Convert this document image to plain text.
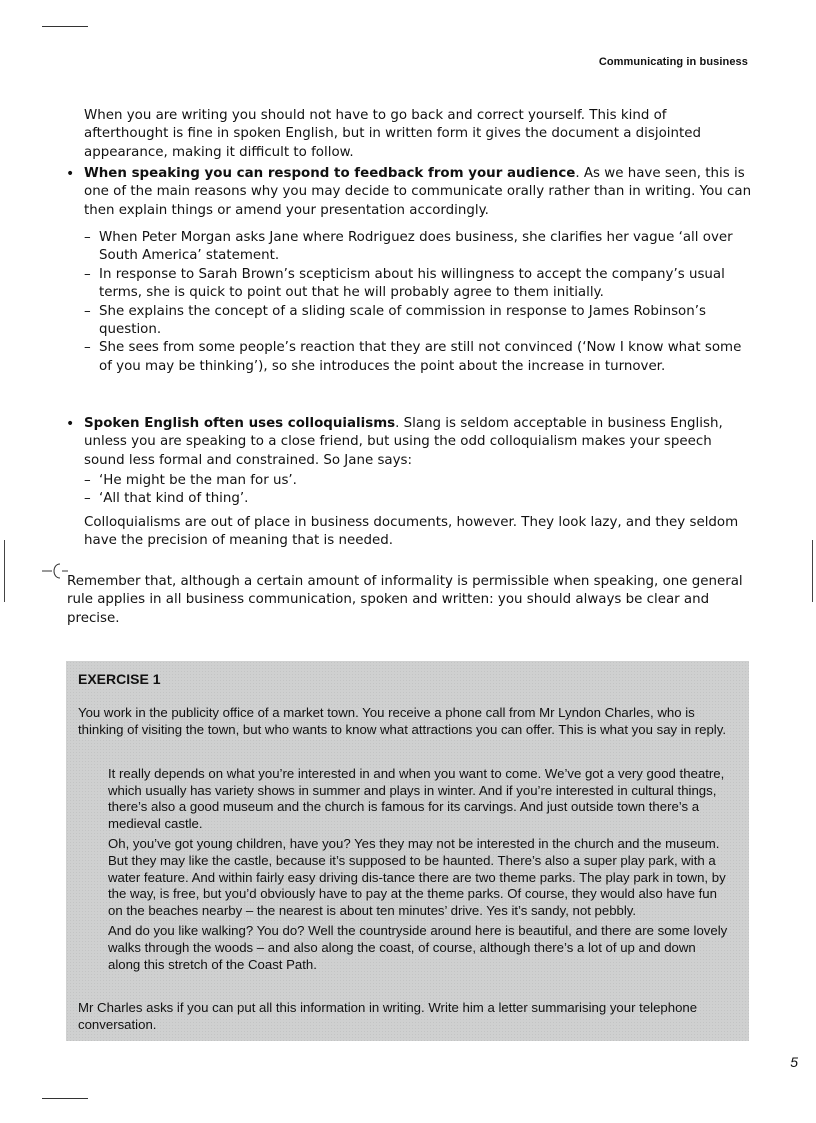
Communicating in business
When you are writing you should not have to go back and correct yourself. This kind of afterthought is fine in spoken English, but in written form it gives the document a disjointed appearance, making it difficult to follow.
• When speaking you can respond to feedback from your audience. As we have seen, this is one of the main reasons why you may decide to communicate orally rather than in writing. You can then explain things or amend your presentation accordingly.
– When Peter Morgan asks Jane where Rodriguez does business, she clarifies her vague ‘all over South America’ statement.
– In response to Sarah Brown’s scepticism about his willingness to accept the company’s usual terms, she is quick to point out that he will probably agree to them initially.
– She explains the concept of a sliding scale of commission in response to James Robinson’s question.
– She sees from some people’s reaction that they are still not convinced (‘Now I know what some of you may be thinking’), so she introduces the point about the increase in turnover.
• Spoken English often uses colloquialisms. Slang is seldom acceptable in business English, unless you are speaking to a close friend, but using the odd colloquialism makes your speech sound less formal and constrained. So Jane says:
– ‘He might be the man for us’.
– ‘All that kind of thing’.
Colloquialisms are out of place in business documents, however. They look lazy, and they seldom have the precision of meaning that is needed.
Remember that, although a certain amount of informality is permissible when speaking, one general rule applies in all business communication, spoken and written: you should always be clear and precise.
EXERCISE 1
You work in the publicity office of a market town. You receive a phone call from Mr Lyndon Charles, who is thinking of visiting the town, but who wants to know what attractions you can offer. This is what you say in reply.

It really depends on what you’re interested in and when you want to come. We’ve got a very good theatre, which usually has variety shows in summer and plays in winter. And if you’re interested in cultural things, there’s also a good museum and the church is famous for its carvings. And just outside town there’s a medieval castle.

Oh, you’ve got young children, have you? Yes they may not be interested in the church and the museum. But they may like the castle, because it’s supposed to be haunted. There’s also a super play park, with a water feature. And within fairly easy driving dis-tance there are two theme parks. The play park in town, by the way, is free, but you’d obviously have to pay at the theme parks. Of course, they would also have fun on the beaches nearby – the nearest is about ten minutes’ drive. Yes it’s sandy, not pebbly.

And do you like walking? You do? Well the countryside around here is beautiful, and there are some lovely walks through the woods – and also along the coast, of course, although there’s a lot of up and down along this stretch of the Coast Path.

Mr Charles asks if you can put all this information in writing. Write him a letter summarising your telephone conversation.
5
